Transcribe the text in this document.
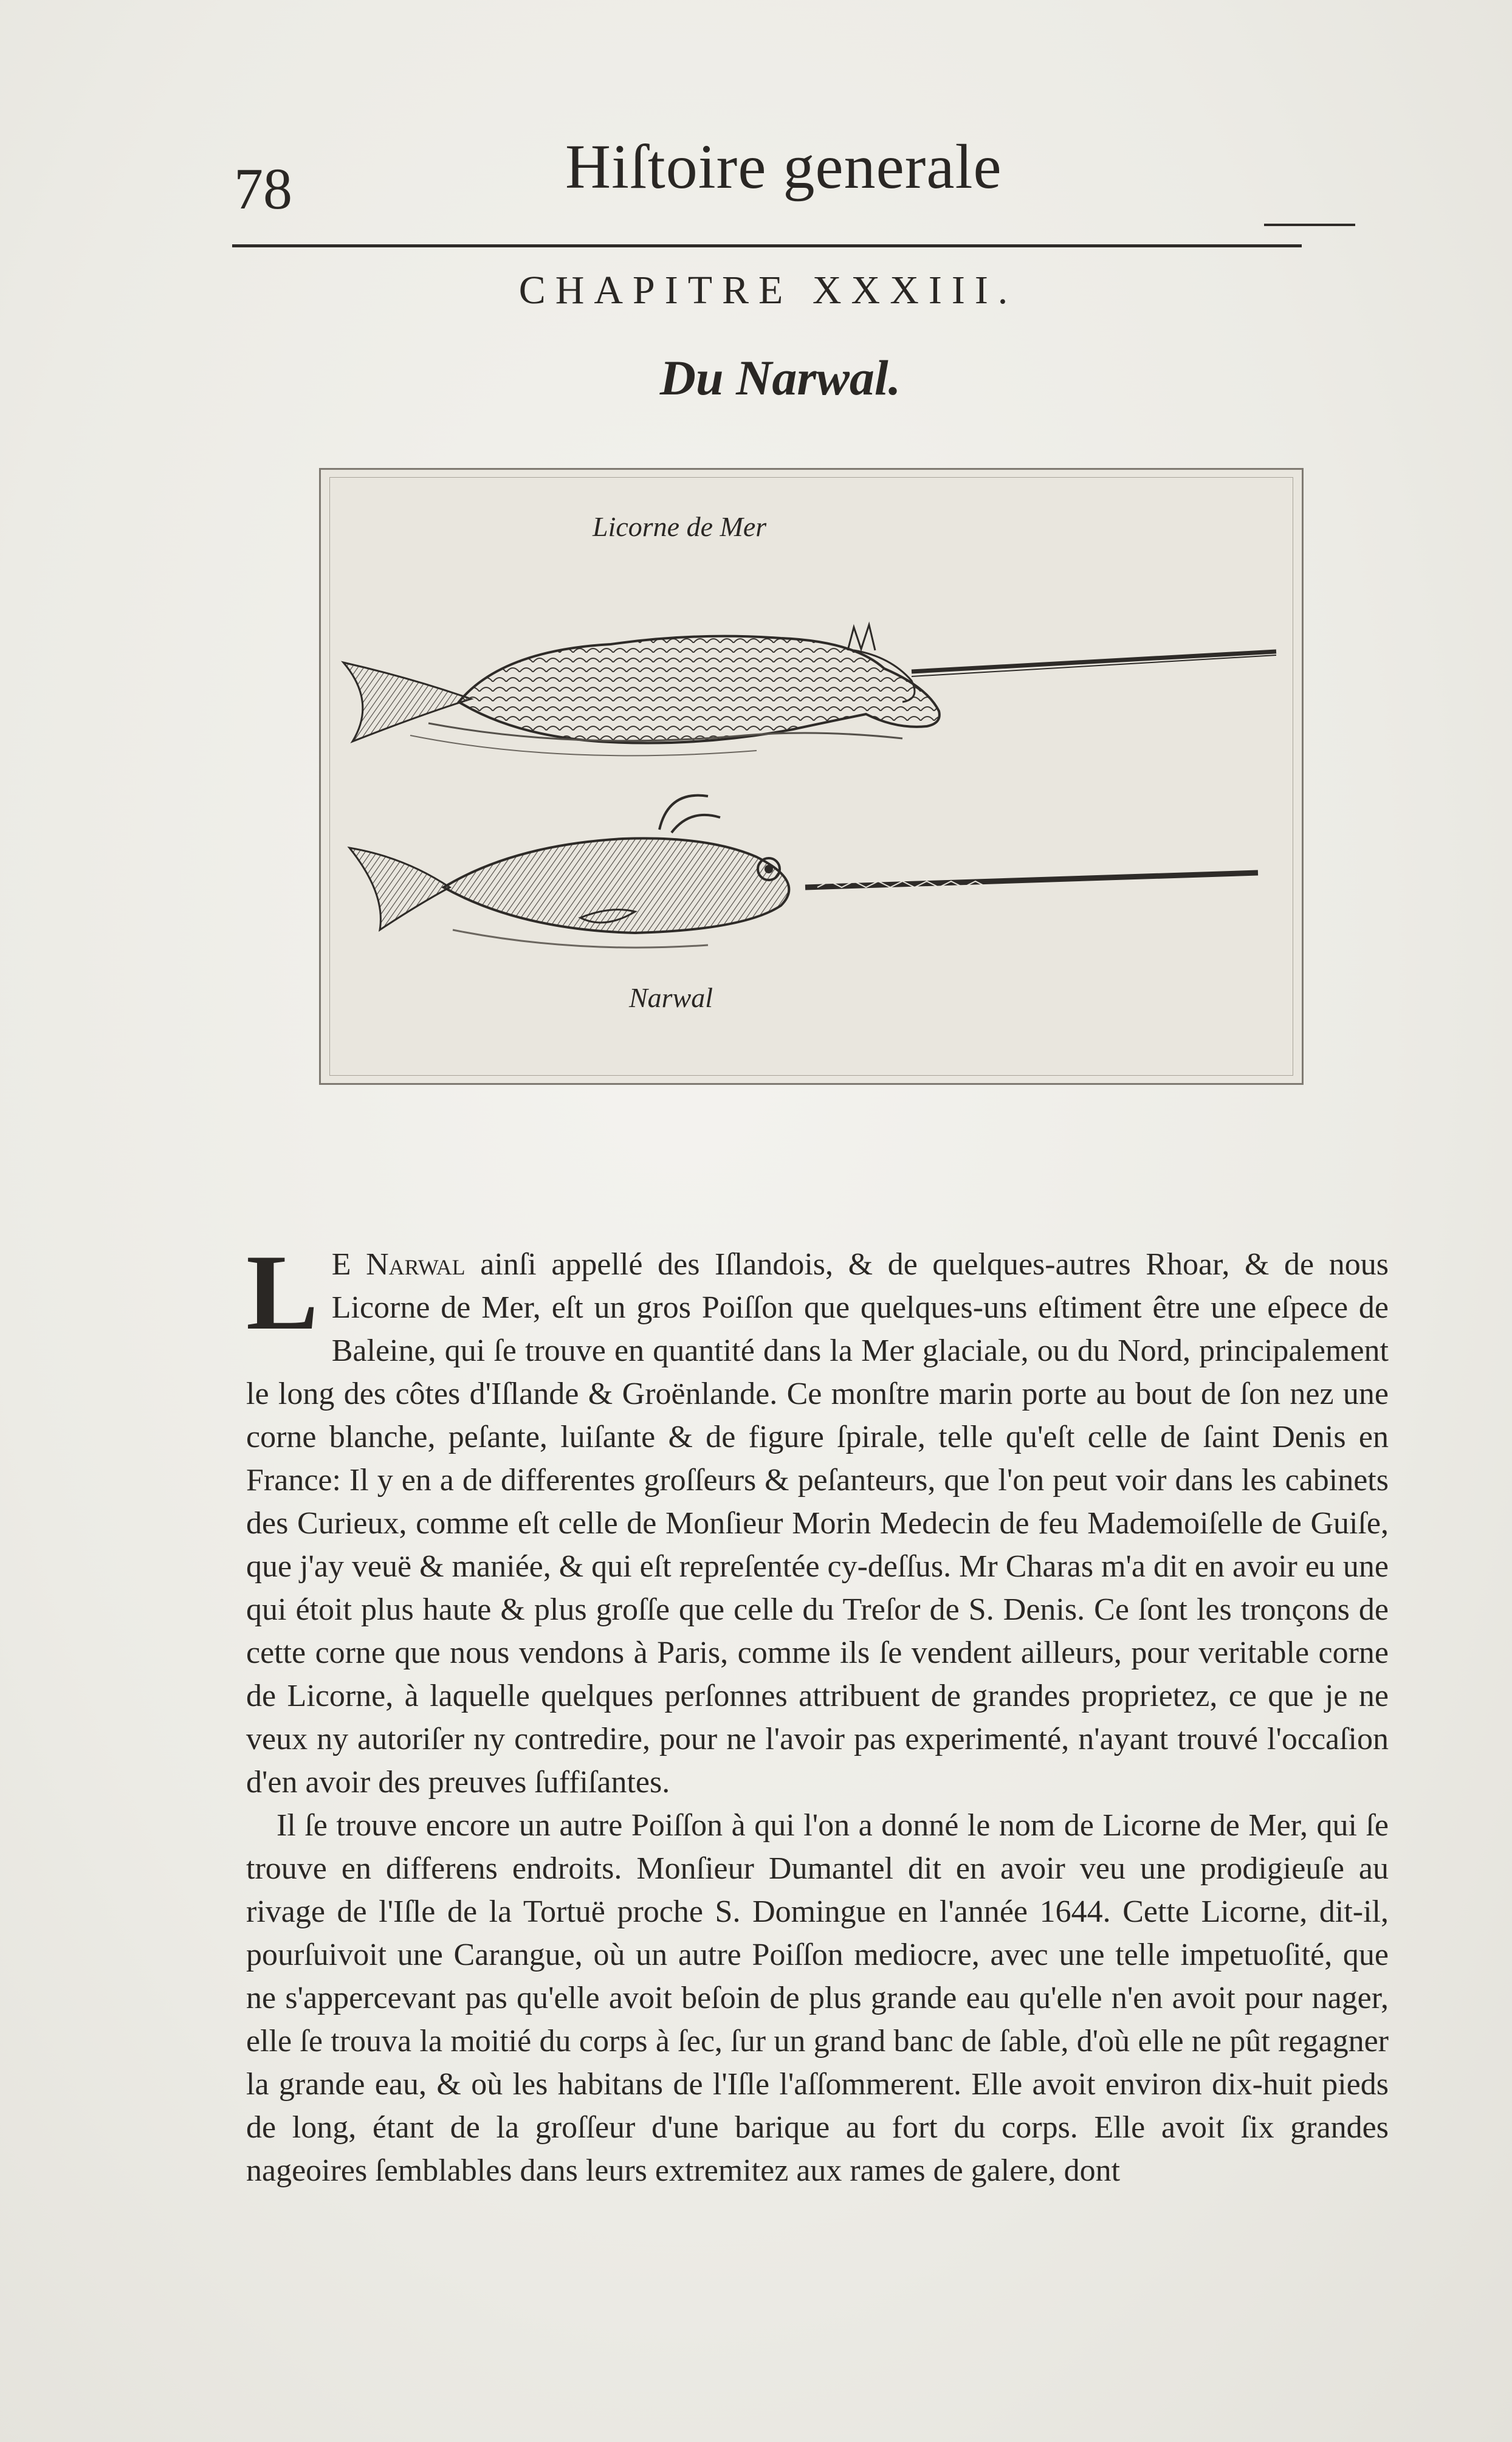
78	Hiſtoire generale
CHAPITRE XXXIII.
Du Narwal.
Licorne de Mer
Narwal

L E Narwal ainſi appellé des Iſlandois, & de quelques-autres Rhoar, & de nous Licorne de Mer, eſt un gros Poiſſon que quelques-uns eſtiment être une eſpece de Baleine, qui ſe trouve en quantité dans la Mer glaciale, ou du Nord, principalement le long des côtes d'Iſlande & Groënlande. Ce monſtre marin porte au bout de ſon nez une corne blanche, peſante, luiſante & de figure ſpirale, telle qu'eſt celle de ſaint Denis en France: Il y en a de differentes groſſeurs & peſanteurs, que l'on peut voir dans les cabinets des Curieux, comme eſt celle de Monſieur Morin Medecin de feu Mademoiſelle de Guiſe, que j'ay veuë & maniée, & qui eſt repreſentée cy-deſſus. Mr Charas m'a dit en avoir eu une qui étoit plus haute & plus groſſe que celle du Treſor de S. Denis. Ce ſont les tronçons de cette corne que nous vendons à Paris, comme ils ſe vendent ailleurs, pour veritable corne de Licorne, à laquelle quelques perſonnes attribuent de grandes proprietez, ce que je ne veux ny autoriſer ny contredire, pour ne l'avoir pas experimenté, n'ayant trouvé l'occaſion d'en avoir des preuves ſuffiſantes.

Il ſe trouve encore un autre Poiſſon à qui l'on a donné le nom de Licorne de Mer, qui ſe trouve en differens endroits. Monſieur Dumantel dit en avoir veu une prodigieuſe au rivage de l'Iſle de la Tortuë proche S. Domingue en l'année 1644. Cette Licorne, dit-il, pourſuivoit une Carangue, où un autre Poiſſon mediocre, avec une telle impetuoſité, que ne s'appercevant pas qu'elle avoit beſoin de plus grande eau qu'elle n'en avoit pour nager, elle ſe trouva la moitié du corps à ſec, ſur un grand banc de ſable, d'où elle ne pût regagner la grande eau, & où les habitans de l'Iſle l'aſſommerent. Elle avoit environ dix-huit pieds de long, étant de la groſſeur d'une barique au fort du corps. Elle avoit ſix grandes nageoires ſemblables dans leurs extremitez aux rames de galere, dont
